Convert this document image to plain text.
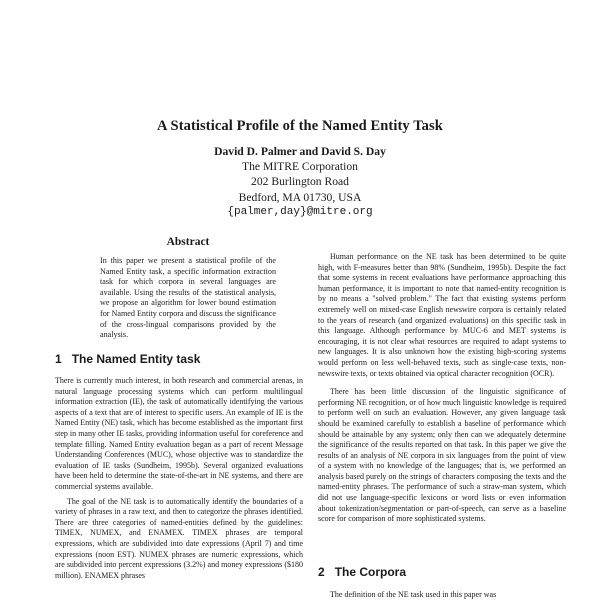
A Statistical Profile of the Named Entity Task
David D. Palmer and David S. Day
The MITRE Corporation
202 Burlington Road
Bedford, MA 01730, USA
{palmer,day}@mitre.org
Abstract

In this paper we present a statistical profile of the Named Entity task, a specific information extraction task for which corpora in several languages are available. Using the results of the statistical analysis, we propose an algorithm for lower bound estimation for Named Entity corpora and discuss the significance of the cross-lingual comparisons provided by the analysis.

1 The Named Entity task

There is currently much interest, in both research and commercial arenas, in natural language processing systems which can perform multilingual information extraction (IE), the task of automatically identifying the various aspects of a text that are of interest to specific users. An example of IE is the Named Entity (NE) task, which has become established as the important first step in many other IE tasks, providing information useful for coreference and template filling. Named Entity evaluation began as a part of recent Message Understanding Conferences (MUC), whose objective was to standardize the evaluation of IE tasks (Sundheim, 1995b). Several organized evaluations have been held to determine the state-of-the-art in NE systems, and there are commercial systems available.

The goal of the NE task is to automatically identify the boundaries of a variety of phrases in a raw text, and then to categorize the phrases identified. There are three categories of named-entities defined by the guidelines: TIMEX, NUMEX, and ENAMEX. TIMEX phrases are temporal expressions, which are subdivided into date expressions (April 7) and time expressions (noon EST). NUMEX phrases are numeric expressions, which are subdivided into percent expressions (3.2%) and money expressions ($180 million). ENAMEX phrases

Human performance on the NE task has been determined to be quite high, with F-measures better than 98% (Sundheim, 1995b). Despite the fact that some systems in recent evaluations have performance approaching this human performance, it is important to note that named-entity recognition is by no means a "solved problem." The fact that existing systems perform extremely well on mixed-case English newswire corpora is certainly related to the years of research (and organized evaluations) on this specific task in this language. Although performance by MUC-6 and MET systems is encouraging, it is not clear what resources are required to adapt systems to new languages. It is also unknown how the existing high-scoring systems would perform on less well-behaved texts, such as single-case texts, non-newswire texts, or texts obtained via optical character recognition (OCR).

There has been little discussion of the linguistic significance of performing NE recognition, or of how much linguistic knowledge is required to perform well on such an evaluation. However, any given language task should be examined carefully to establish a baseline of performance which should be attainable by any system; only then can we adequately determine the significance of the results reported on that task. In this paper we give the results of an analysis of NE corpora in six languages from the point of view of a system with no knowledge of the languages; that is, we performed an analysis based purely on the strings of characters composing the texts and the named-entity phrases. The performance of such a straw-man system, which did not use language-specific lexicons or word lists or even information about tokenization/segmentation or part-of-speech, can serve as a baseline score for comparison of more sophisticated systems.

2 The Corpora

The definition of the NE task used in this paper was
